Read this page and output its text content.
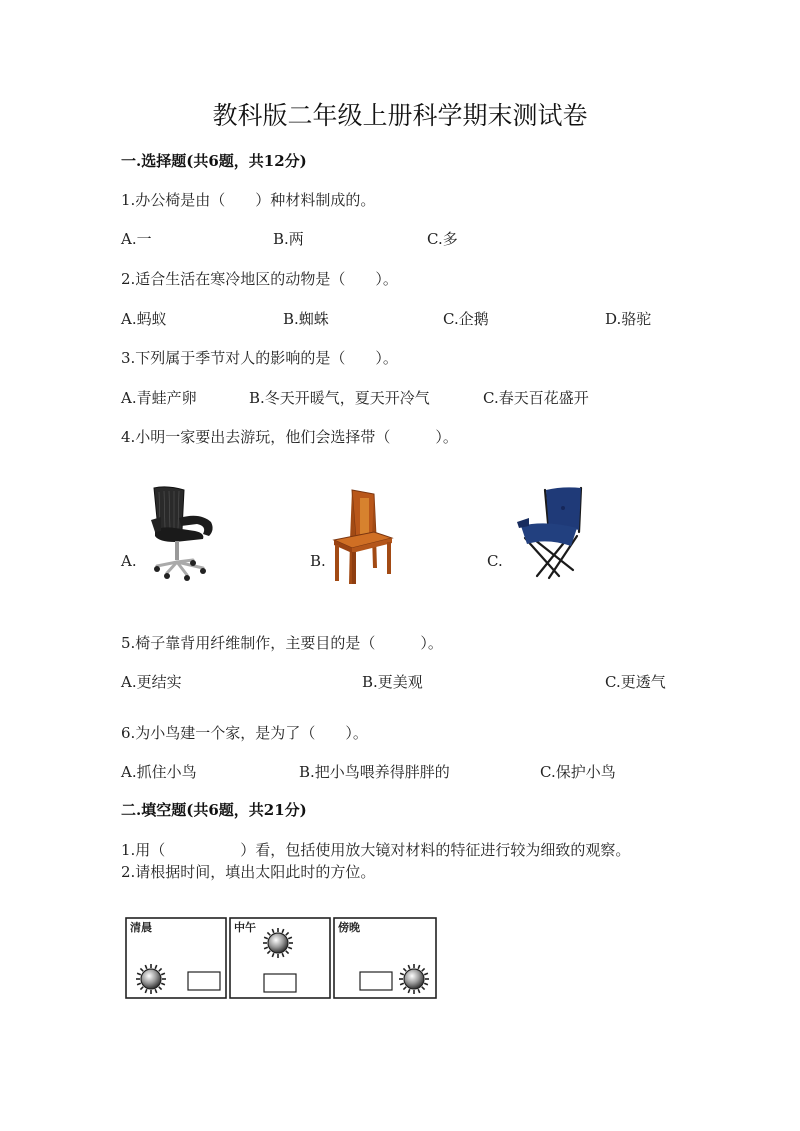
教科版二年级上册科学期末测试卷
一.选择题(共6题，共12分)
1.办公椅是由（　　）种材料制成的。
A.一	B.两	C.多
2.适合生活在寒冷地区的动物是（　　）。
A.蚂蚁	B.蜘蛛	C.企鹅	D.骆驼
3.下列属于季节对人的影响的是（　　）。
A.青蛙产卵	B.冬天开暖气，夏天开冷气	C.春天百花盛开
4.小明一家要出去游玩，他们会选择带（　　　）。
A.	B.	C.
5.椅子靠背用纤维制作，主要目的是（　　　）。
A.更结实	B.更美观	C.更透气
6.为小鸟建一个家，是为了（　　）。
A.抓住小鸟	B.把小鸟喂养得胖胖的	C.保护小鸟
二.填空题(共6题，共21分)
1.用（　　　　　）看，包括使用放大镜对材料的特征进行较为细致的观察。
2.请根据时间，填出太阳此时的方位。
清晨	中午	傍晚
